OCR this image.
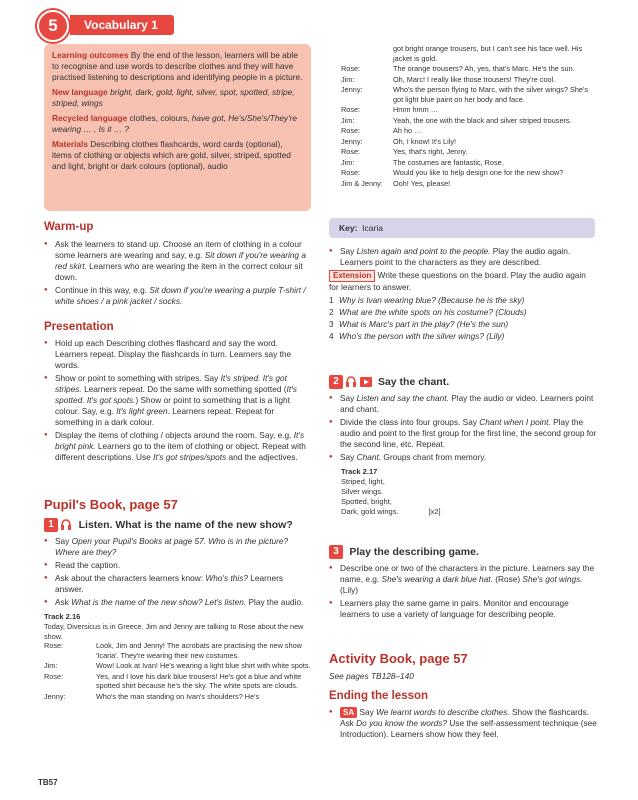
5	Vocabulary 1

Learning outcomes By the end of the lesson, learners will be able to recognise and use words to describe clothes and they will have practised listening to descriptions and identifying people in a picture.

New language bright, dark, gold, light, silver, spot, spotted, stripe, striped, wings

Recycled language clothes, colours, have got, He's/She's/They're wearing … , Is it … ?

Materials Describing clothes flashcards, word cards (optional), items of clothing or objects which are gold, silver, striped, spotted and light, bright or dark colours (optional), audio

Warm-up
● Ask the learners to stand up. Choose an item of clothing in a colour some learners are wearing and say, e.g. Sit down if you're wearing a red skirt. Learners who are wearing the item in the correct colour sit down.
● Continue in this way, e.g. Sit down if you're wearing a purple T-shirt / white shoes / a pink jacket / socks.
Presentation
● Hold up each Describing clothes flashcard and say the word. Learners repeat. Display the flashcards in turn. Learners say the words.
● Show or point to something with stripes. Say It's striped. It's got stripes. Learners repeat. Do the same with something spotted (It's spotted. It's got spots.) Show or point to something that is a light colour. Say, e.g. It's light green. Learners repeat. Repeat for something in a dark colour.
● Display the items of clothing / objects around the room. Say, e.g. It's bright pink. Learners go to the item of clothing or object. Repeat with different descriptions. Use It's got stripes/spots and the adjectives.
Pupil's Book, page 57
1 Listen. What is the name of the new show?
● Say Open your Pupil's Books at page 57. Who is in the picture? Where are they?
● Read the caption.
● Ask about the characters learners know: Who's this? Learners answer.
● Ask What is the name of the new show? Let's listen. Play the audio.
Track 2.16
Today, Diversicus is in Greece. Jim and Jenny are talking to Rose about the new show.
Rose:	Look, Jim and Jenny! The acrobats are practising the new show 'Icaria'. They're wearing their new costumes.
Jim:	Wow! Look at Ivan! He's wearing a light blue shirt with white spots.
Rose:	Yes, and I love his dark blue trousers! He's got a blue and white spotted shirt because he's the sky. The white spots are clouds.
Jenny:	Who's the man standing on Ivan's shoulders? He's
TB57
	got bright orange trousers, but I can't see his face well. His jacket is gold.
Rose:	The orange trousers? Ah, yes, that's Marc. He's the sun.
Jim:	Oh, Marc! I really like those trousers! They're cool.
Jenny:	Who's the person flying to Marc, with the silver wings? She's got light blue paint on her body and face.
Rose:	Hmm hmm …
Jim:	Yeah, the one with the black and silver striped trousers.
Rose:	Ah ho …
Jenny:	Oh, I know! It's Lily!
Rose:	Yes, that's right, Jenny.
Jim:	The costumes are fantastic, Rose.
Rose:	Would you like to help design one for the new show?
Jim & Jenny:	Ooh! Yes, please!
Key: Icaria
● Say Listen again and point to the people. Play the audio again. Learners point to the characters as they are described.
Extension Write these questions on the board. Play the audio again for learners to answer.
1 Why is Ivan wearing blue? (Because he is the sky)
2 What are the white spots on his costume? (Clouds)
3 What is Marc's part in the play? (He's the sun)
4 Who's the person with the silver wings? (Lily)
2	Say the chant.
● Say Listen and say the chant. Play the audio or video. Learners point and chant.
● Divide the class into four groups. Say Chant when I point. Play the audio and point to the first group for the first line, the second group for the second line, etc. Repeat.
● Say Chant. Groups chant from memory.
Track 2.17
Striped, light,
Silver wings.
Spotted, bright,
Dark, gold wings.	[x2]
3 Play the describing game.
● Describe one or two of the characters in the picture. Learners say the name, e.g. She's wearing a dark blue hat. (Rose) She's got wings. (Lily)
● Learners play the same game in pairs. Monitor and encourage learners to use a variety of language for describing people.
Activity Book, page 57
See pages TB128–140
Ending the lesson
● SA Say We learnt words to describe clothes. Show the flashcards. Ask Do you know the words? Use the self-assessment technique (see Introduction). Learners show how they feel.
